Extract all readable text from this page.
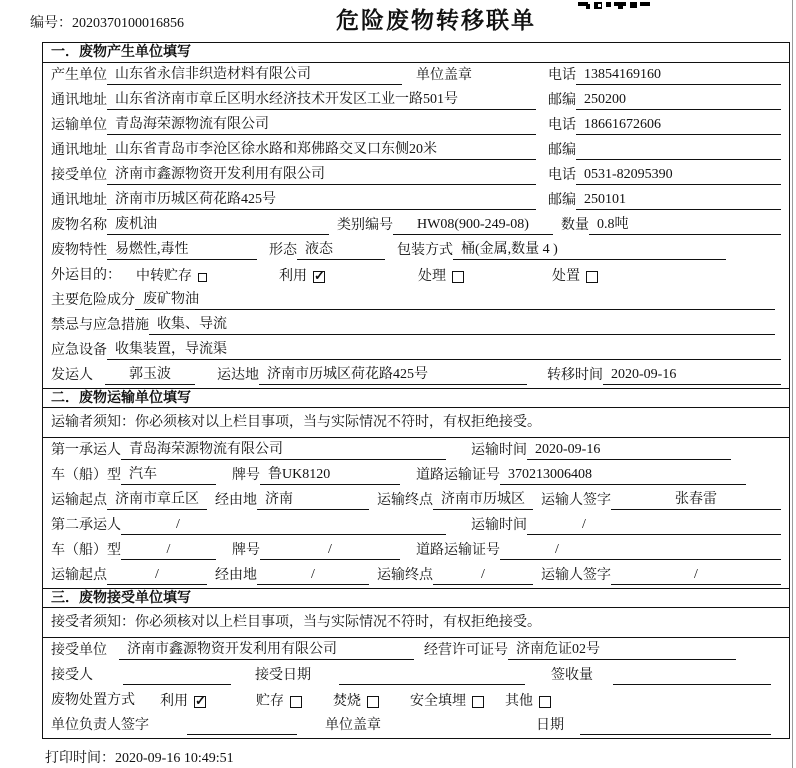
编号：2020370100016856	危险废物转移联单
一．废物产生单位填写
产生单位 山东省永信非织造材料有限公司	单位盖章	电话 13854169160
通讯地址 山东省济南市章丘区明水经济技术开发区工业一路501号	邮编 250200
运输单位 青岛海荣源物流有限公司	电话 18661672606
通讯地址 山东省青岛市李沧区徐水路和郑佛路交叉口东侧20米	邮编
接受单位 济南市鑫源物资开发利用有限公司	电话 0531-82095390
通讯地址 济南市历城区荷花路425号	邮编 250101
废物名称 废机油	类别编号	HW08(900-249-08)	数量 0.8吨
废物特性 易燃性,毒性	形态 液态	包装方式 桶(金属,数量 4 )
外运目的： 中转贮存	利用 ✓	处理	处置
主要危险成分 废矿物油
禁忌与应急措施 收集、导流
应急设备 收集装置，导流渠
发运人	郭玉波	运达地 济南市历城区荷花路425号	转移时间 2020-09-16
二．废物运输单位填写
运输者须知：你必须核对以上栏目事项，当与实际情况不符时，有权拒绝接受。
第一承运人 青岛海荣源物流有限公司	运输时间 2020-09-16
车（船）型 汽车	牌号 鲁UK8120	道路运输证号 370213006408
运输起点 济南市章丘区	经由地 济南	运输终点 济南市历城区	运输人签字	张春雷
第二承运人	/	运输时间	/
车（船）型	/	牌号	/	道路运输证号	/
运输起点	/	经由地	/	运输终点	/	运输人签字	/
三．废物接受单位填写
接受者须知：你必须核对以上栏目事项，当与实际情况不符时，有权拒绝接受。
接受单位	济南市鑫源物资开发利用有限公司	经营许可证号 济南危证02号
接受人	接受日期	签收量
废物处置方式 利用 ✓	贮存	焚烧	安全填埋	其他
单位负责人签字	单位盖章	日期
打印时间：2020-09-16 10:49:51
